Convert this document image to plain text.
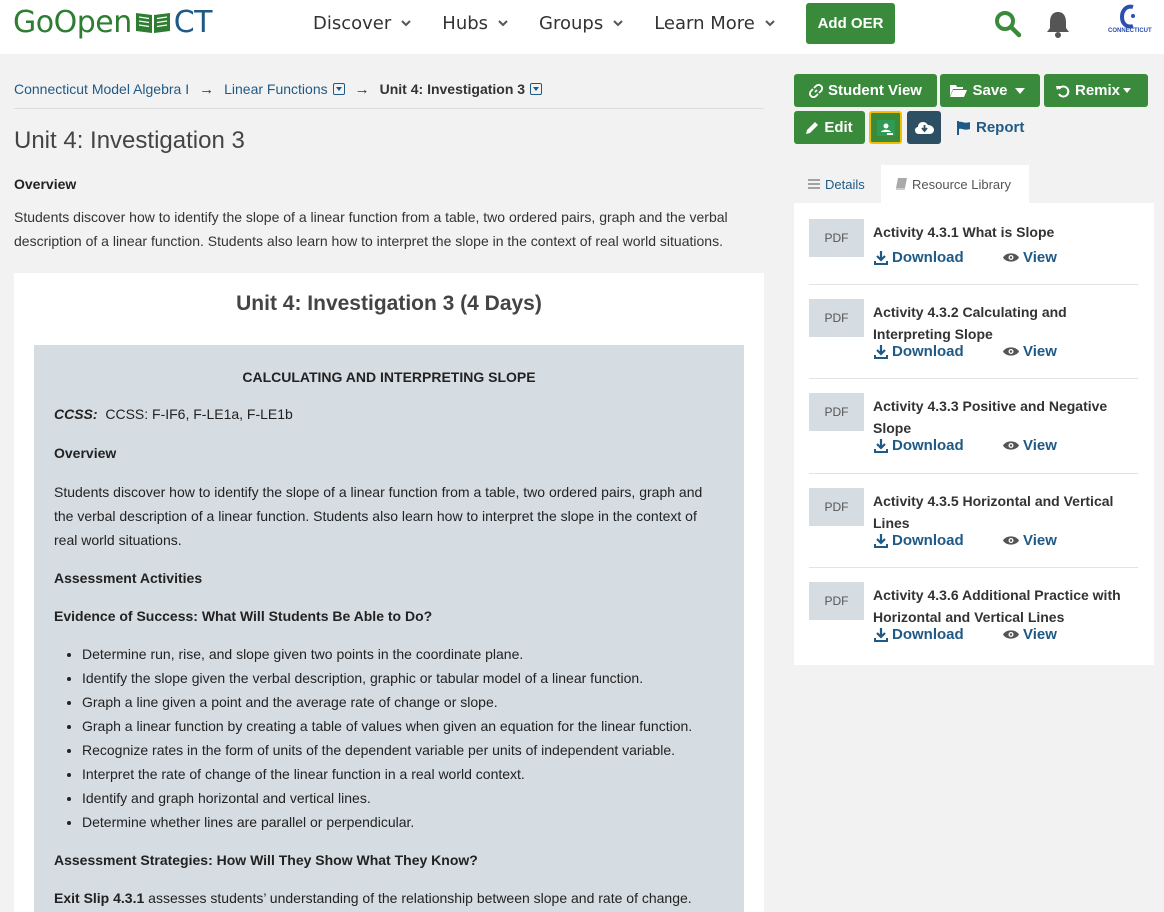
GoOpen CT	Discover	Hubs	Groups	Learn More	Add OER	CONNECTICUT
Connecticut Model Algebra I → Linear Functions → Unit 4: Investigation 3
Unit 4: Investigation 3
Overview
Students discover how to identify the slope of a linear function from a table, two ordered pairs, graph and the verbal description of a linear function. Students also learn how to interpret the slope in the context of real world situations.
Unit 4: Investigation 3 (4 Days)
CALCULATING AND INTERPRETING SLOPE
CCSS: CCSS: F-IF6, F-LE1a, F-LE1b
Overview
Students discover how to identify the slope of a linear function from a table, two ordered pairs, graph and the verbal description of a linear function. Students also learn how to interpret the slope in the context of real world situations.
Assessment Activities
Evidence of Success: What Will Students Be Able to Do?
• Determine run, rise, and slope given two points in the coordinate plane.
• Identify the slope given the verbal description, graphic or tabular model of a linear function.
• Graph a line given a point and the average rate of change or slope.
• Graph a linear function by creating a table of values when given an equation for the linear function.
• Recognize rates in the form of units of the dependent variable per units of independent variable.
• Interpret the rate of change of the linear function in a real world context.
• Identify and graph horizontal and vertical lines.
• Determine whether lines are parallel or perpendicular.
Assessment Strategies: How Will They Show What They Know?
Exit Slip 4.3.1 assesses students’ understanding of the relationship between slope and rate of change.
Student View	Save	Remix
Edit	Report
Details	Resource Library
PDF	Activity 4.3.1 What is Slope
Download	View
PDF	Activity 4.3.2 Calculating and Interpreting Slope
Download	View
PDF	Activity 4.3.3 Positive and Negative Slope
Download	View
PDF	Activity 4.3.5 Horizontal and Vertical Lines
Download	View
PDF	Activity 4.3.6 Additional Practice with Horizontal and Vertical Lines
Download	View
